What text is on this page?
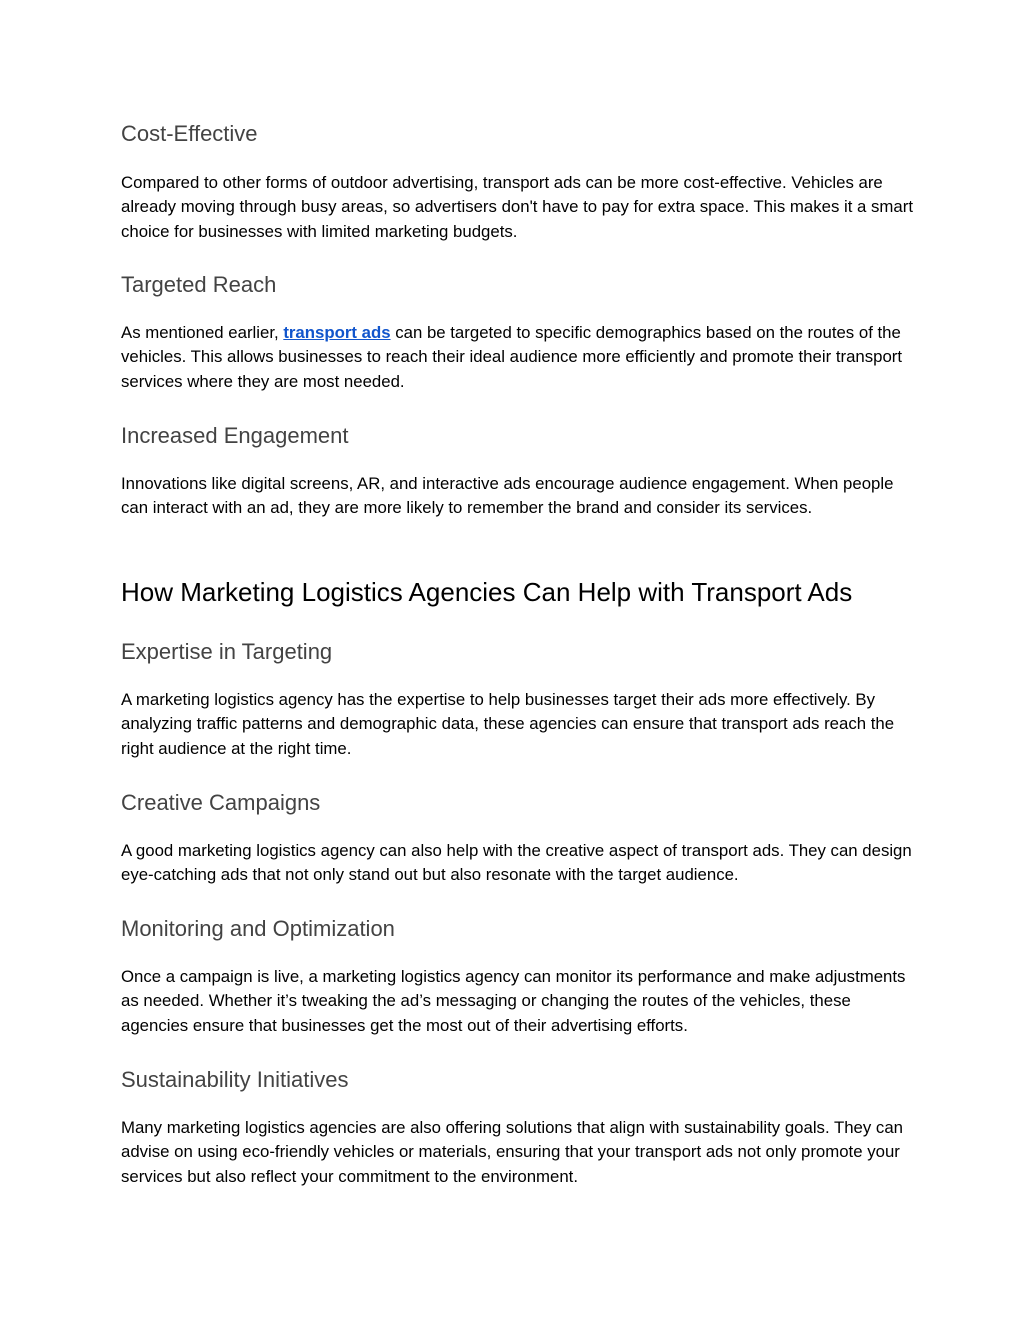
Cost-Effective

Compared to other forms of outdoor advertising, transport ads can be more cost-effective. Vehicles are already moving through busy areas, so advertisers don't have to pay for extra space. This makes it a smart choice for businesses with limited marketing budgets.

Targeted Reach

As mentioned earlier, transport ads can be targeted to specific demographics based on the routes of the vehicles. This allows businesses to reach their ideal audience more efficiently and promote their transport services where they are most needed.

Increased Engagement

Innovations like digital screens, AR, and interactive ads encourage audience engagement. When people can interact with an ad, they are more likely to remember the brand and consider its services.

How Marketing Logistics Agencies Can Help with Transport Ads
Expertise in Targeting

A marketing logistics agency has the expertise to help businesses target their ads more effectively. By analyzing traffic patterns and demographic data, these agencies can ensure that transport ads reach the right audience at the right time.

Creative Campaigns

A good marketing logistics agency can also help with the creative aspect of transport ads. They can design eye-catching ads that not only stand out but also resonate with the target audience.

Monitoring and Optimization

Once a campaign is live, a marketing logistics agency can monitor its performance and make adjustments as needed. Whether it’s tweaking the ad’s messaging or changing the routes of the vehicles, these agencies ensure that businesses get the most out of their advertising efforts.

Sustainability Initiatives

Many marketing logistics agencies are also offering solutions that align with sustainability goals. They can advise on using eco-friendly vehicles or materials, ensuring that your transport ads not only promote your services but also reflect your commitment to the environment.
